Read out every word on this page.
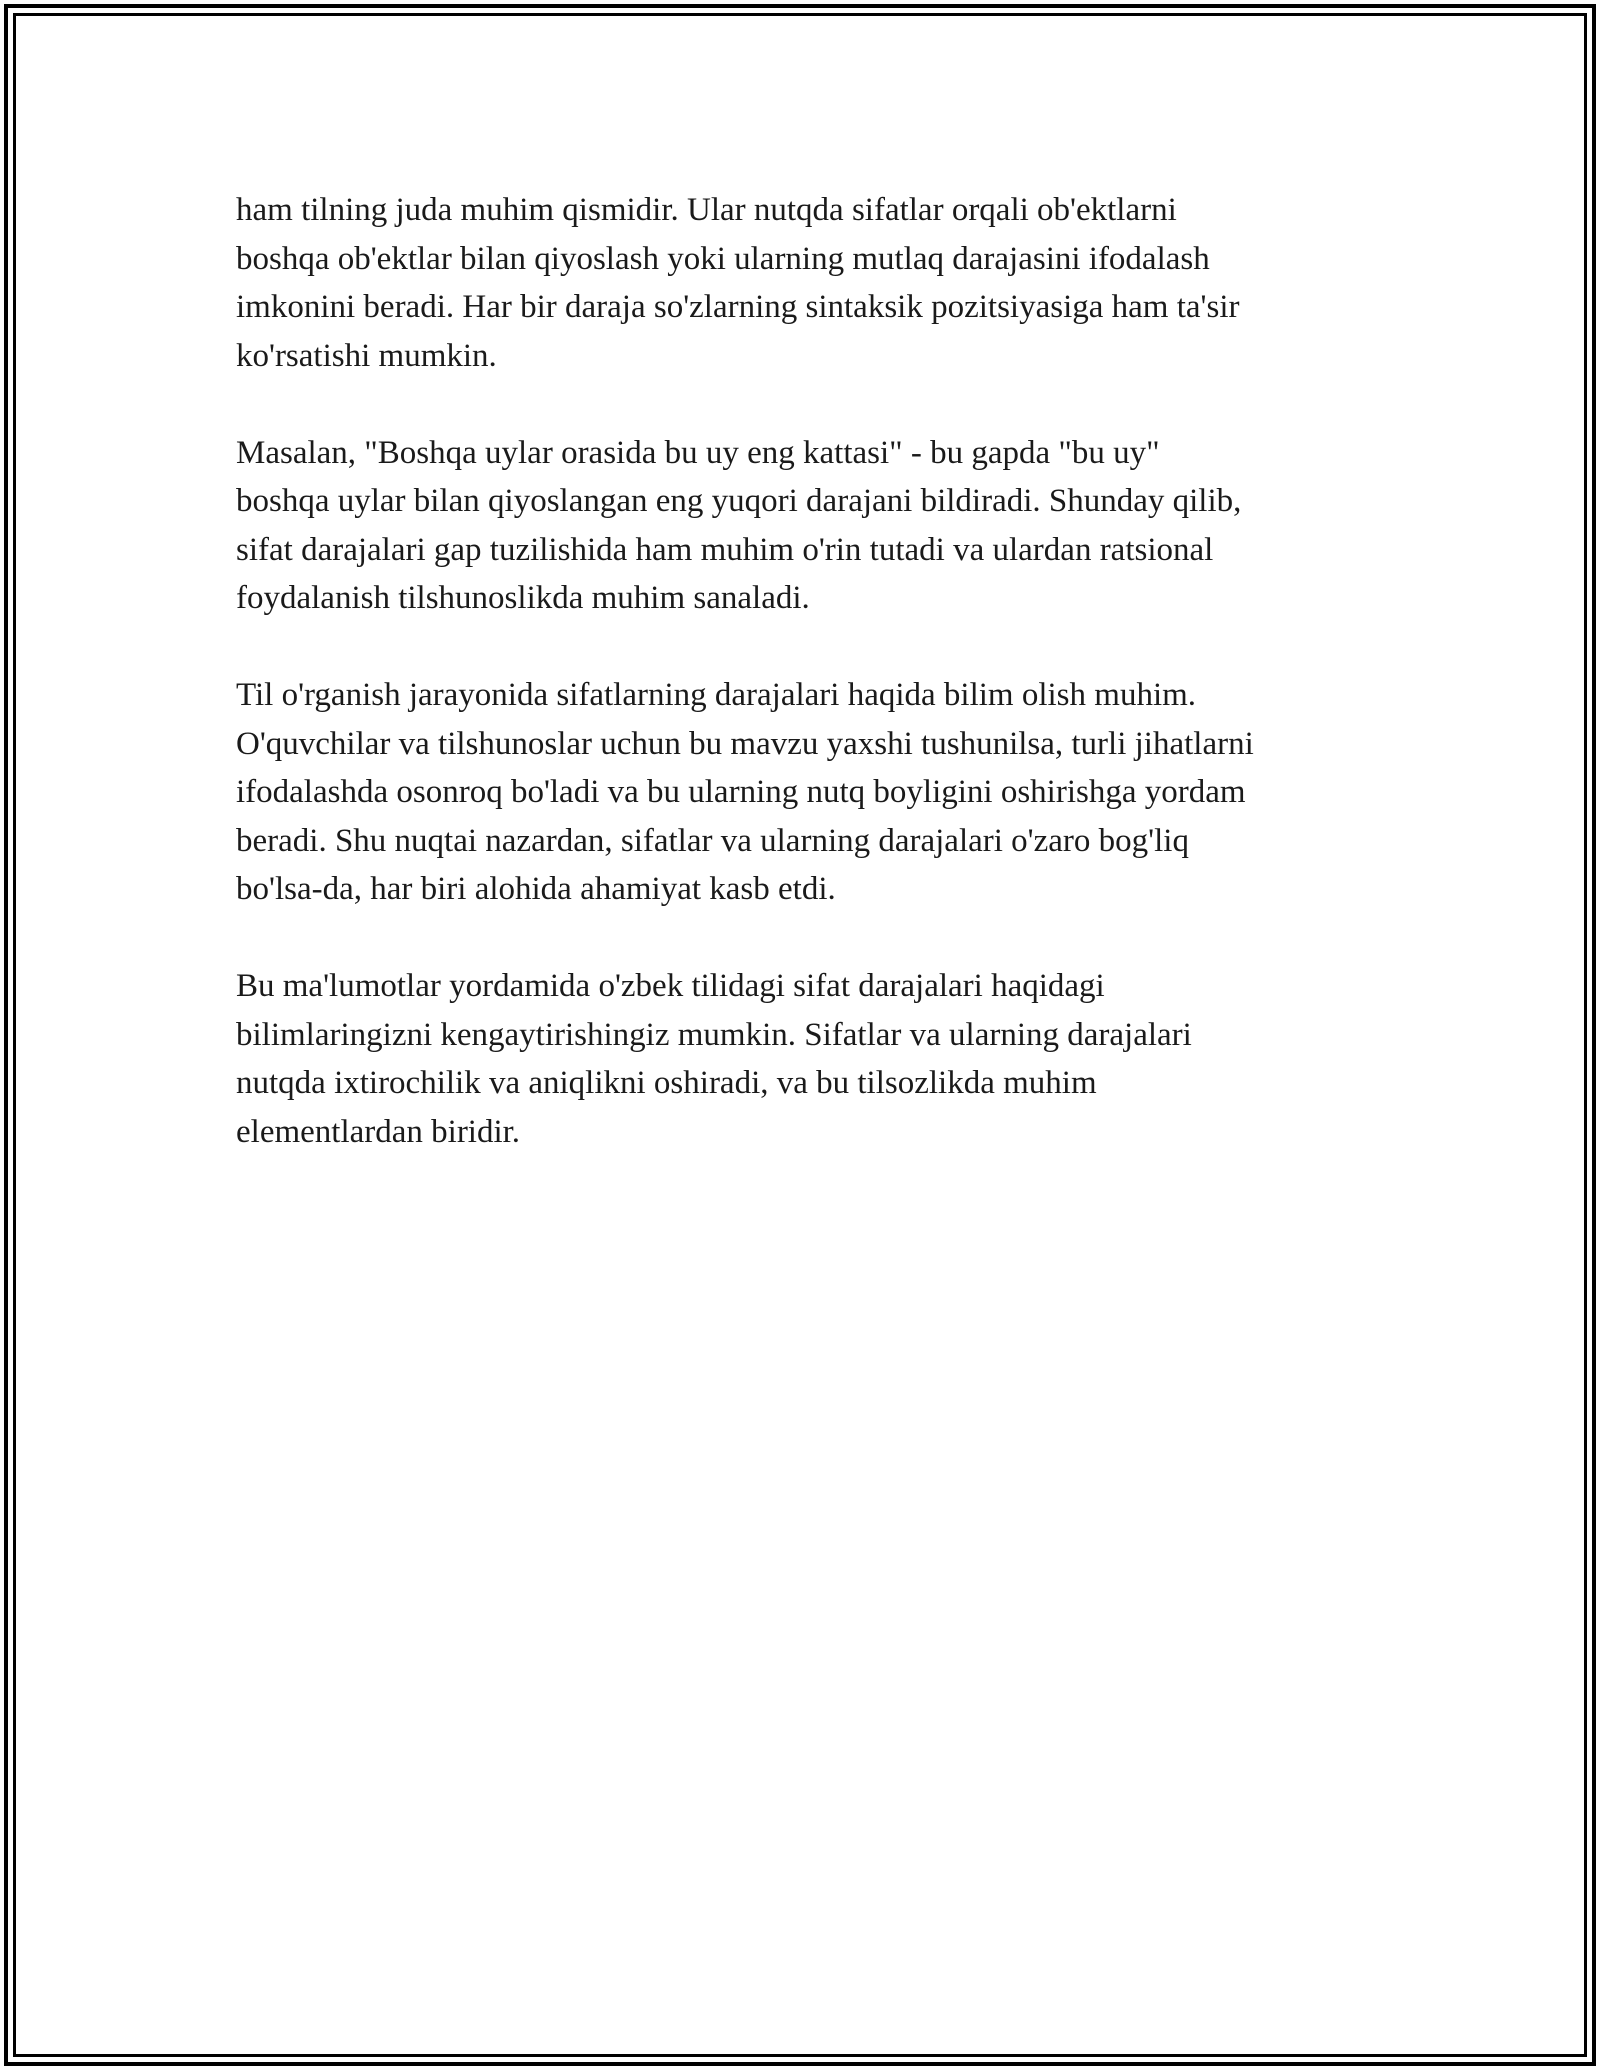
ham tilning juda muhim qismidir. Ular nutqda sifatlar orqali ob'ektlarni
boshqa ob'ektlar bilan qiyoslash yoki ularning mutlaq darajasini ifodalash
imkonini beradi. Har bir daraja so'zlarning sintaksik pozitsiyasiga ham ta'sir
ko'rsatishi mumkin.

Masalan, "Boshqa uylar orasida bu uy eng kattasi" - bu gapda "bu uy"
boshqa uylar bilan qiyoslangan eng yuqori darajani bildiradi. Shunday qilib,
sifat darajalari gap tuzilishida ham muhim o'rin tutadi va ulardan ratsional
foydalanish tilshunoslikda muhim sanaladi.

Til o'rganish jarayonida sifatlarning darajalari haqida bilim olish muhim.
O'quvchilar va tilshunoslar uchun bu mavzu yaxshi tushunilsa, turli jihatlarni
ifodalashda osonroq bo'ladi va bu ularning nutq boyligini oshirishga yordam
beradi. Shu nuqtai nazardan, sifatlar va ularning darajalari o'zaro bog'liq
bo'lsa-da, har biri alohida ahamiyat kasb etdi.

Bu ma'lumotlar yordamida o'zbek tilidagi sifat darajalari haqidagi
bilimlaringizni kengaytirishingiz mumkin. Sifatlar va ularning darajalari
nutqda ixtirochilik va aniqlikni oshiradi, va bu tilsozlikda muhim
elementlardan biridir.
